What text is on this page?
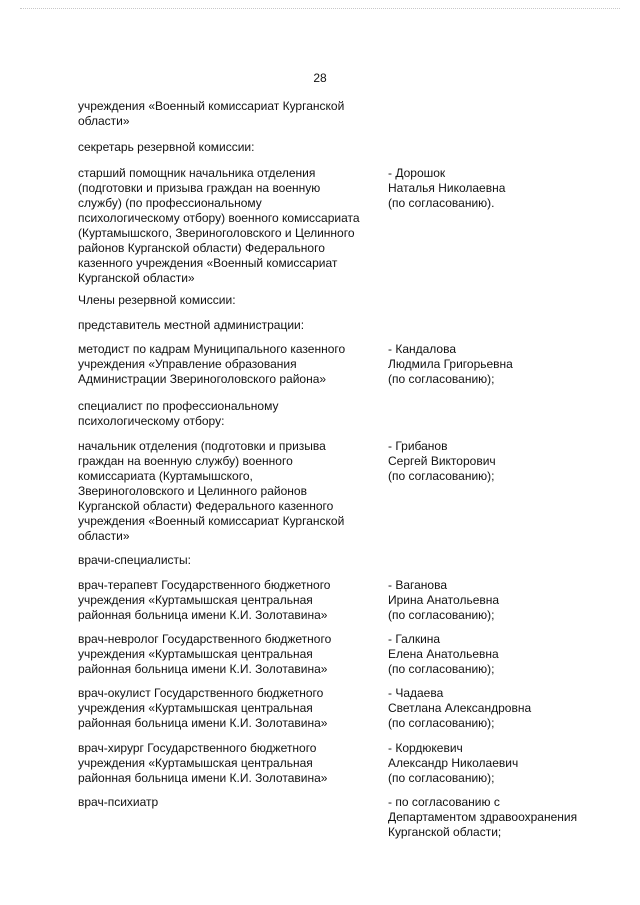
28
учреждения «Военный комиссариат Курганской
области»
секретарь резервной комиссии:
старший помощник начальника отделения
(подготовки и призыва граждан на военную
службу) (по профессиональному
психологическому отбору) военного комиссариата
(Куртамышского, Звериноголовского и Целинного
районов Курганской области) Федерального
казенного учреждения «Военный комиссариат
Курганской области»
- Дорошок
Наталья Николаевна
(по согласованию).
Члены резервной комиссии:
представитель местной администрации:
методист по кадрам Муниципального казенного
учреждения «Управление образования
Администрации Звериноголовского района»
- Кандалова
Людмила Григорьевна
(по согласованию);
специалист по профессиональному
психологическому отбору:
начальник отделения (подготовки и призыва
граждан на военную службу) военного
комиссариата (Куртамышского,
Звериноголовского и Целинного районов
Курганской области) Федерального казенного
учреждения «Военный комиссариат Курганской
области»
- Грибанов
Сергей Викторович
(по согласованию);
врачи-специалисты:
врач-терапевт Государственного бюджетного
учреждения «Куртамышская центральная
районная больница имени К.И. Золотавина»
- Ваганова
Ирина Анатольевна
(по согласованию);
врач-невролог Государственного бюджетного
учреждения «Куртамышская центральная
районная больница имени К.И. Золотавина»
- Галкина
Елена Анатольевна
(по согласованию);
врач-окулист Государственного бюджетного
учреждения «Куртамышская центральная
районная больница имени К.И. Золотавина»
- Чадаева
Светлана Александровна
(по согласованию);
врач-хирург Государственного бюджетного
учреждения «Куртамышская центральная
районная больница имени К.И. Золотавина»
- Кордюкевич
Александр Николаевич
(по согласованию);
врач-психиатр	- по согласованию с
Департаментом здравоохранения
Курганской области;
